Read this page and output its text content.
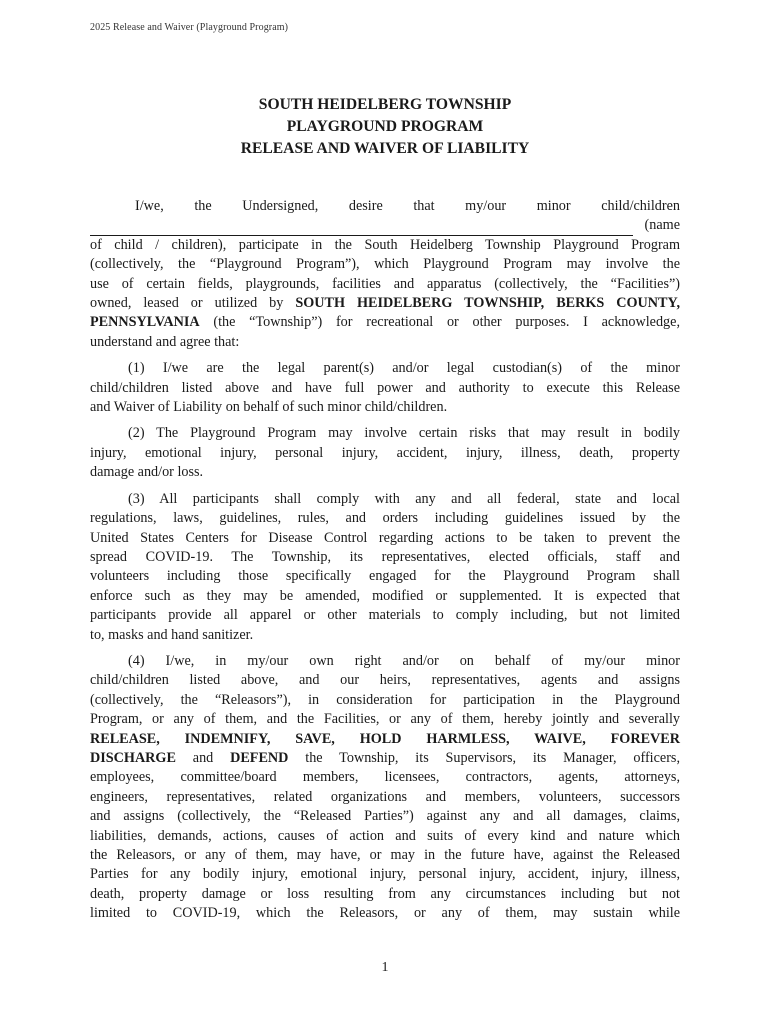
2025 Release and Waiver (Playground Program)
SOUTH HEIDELBERG TOWNSHIP
PLAYGROUND PROGRAM
RELEASE AND WAIVER OF LIABILITY
I/we, the Undersigned, desire that my/our minor child/children
(name
of child / children), participate in the South Heidelberg Township Playground Program
(collectively, the “Playground Program”), which Playground Program may involve the
use of certain fields, playgrounds, facilities and apparatus (collectively, the “Facilities”)
owned, leased or utilized by SOUTH HEIDELBERG TOWNSHIP, BERKS COUNTY,
PENNSYLVANIA (the “Township”) for recreational or other purposes. I acknowledge,
understand and agree that:
(1) I/we are the legal parent(s) and/or legal custodian(s) of the minor
child/children listed above and have full power and authority to execute this Release
and Waiver of Liability on behalf of such minor child/children.
(2) The Playground Program may involve certain risks that may result in bodily
injury, emotional injury, personal injury, accident, injury, illness, death, property
damage and/or loss.
(3) All participants shall comply with any and all federal, state and local
regulations, laws, guidelines, rules, and orders including guidelines issued by the
United States Centers for Disease Control regarding actions to be taken to prevent the
spread COVID-19. The Township, its representatives, elected officials, staff and
volunteers including those specifically engaged for the Playground Program shall
enforce such as they may be amended, modified or supplemented. It is expected that
participants provide all apparel or other materials to comply including, but not limited
to, masks and hand sanitizer.
(4) I/we, in my/our own right and/or on behalf of my/our minor
child/children listed above, and our heirs, representatives, agents and assigns
(collectively, the “Releasors”), in consideration for participation in the Playground
Program, or any of them, and the Facilities, or any of them, hereby jointly and severally
RELEASE, INDEMNIFY, SAVE, HOLD HARMLESS, WAIVE, FOREVER
DISCHARGE and DEFEND the Township, its Supervisors, its Manager, officers,
employees, committee/board members, licensees, contractors, agents, attorneys,
engineers, representatives, related organizations and members, volunteers, successors
and assigns (collectively, the “Released Parties”) against any and all damages, claims,
liabilities, demands, actions, causes of action and suits of every kind and nature which
the Releasors, or any of them, may have, or may in the future have, against the Released
Parties for any bodily injury, emotional injury, personal injury, accident, injury, illness,
death, property damage or loss resulting from any circumstances including but not
limited to COVID-19, which the Releasors, or any of them, may sustain while
1
